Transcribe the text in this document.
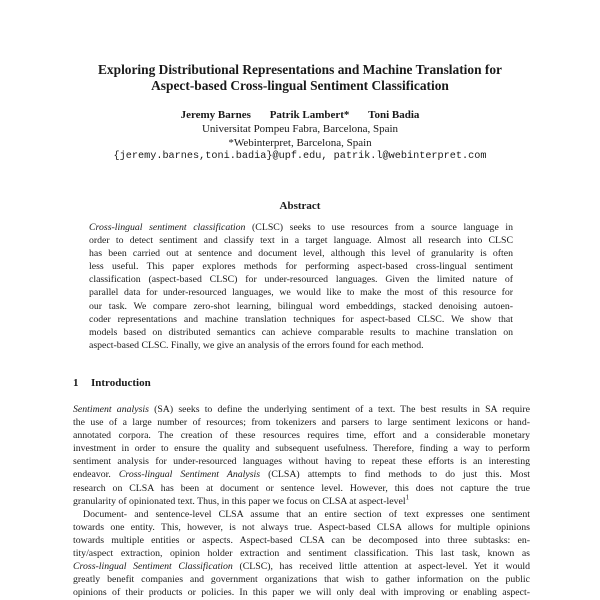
Exploring Distributional Representations and Machine Translation for
Aspect-based Cross-lingual Sentiment Classification
Jeremy Barnes Patrik Lambert* Toni Badia
Universitat Pompeu Fabra, Barcelona, Spain
*Webinterpret, Barcelona, Spain
{jeremy.barnes,toni.badia}@upf.edu, patrik.l@webinterpret.com
Abstract
Cross-lingual sentiment classification (CLSC) seeks to use resources from a source language in
order to detect sentiment and classify text in a target language. Almost all research into CLSC
has been carried out at sentence and document level, although this level of granularity is often
less useful. This paper explores methods for performing aspect-based cross-lingual sentiment
classification (aspect-based CLSC) for under-resourced languages. Given the limited nature of
parallel data for under-resourced languages, we would like to make the most of this resource for
our task. We compare zero-shot learning, bilingual word embeddings, stacked denoising autoen-
coder representations and machine translation techniques for aspect-based CLSC. We show that
models based on distributed semantics can achieve comparable results to machine translation on
aspect-based CLSC. Finally, we give an analysis of the errors found for each method.
1 Introduction
Sentiment analysis (SA) seeks to define the underlying sentiment of a text. The best results in SA require
the use of a large number of resources; from tokenizers and parsers to large sentiment lexicons or hand-
annotated corpora. The creation of these resources requires time, effort and a considerable monetary
investment in order to ensure the quality and subsequent usefulness. Therefore, finding a way to perform
sentiment analysis for under-resourced languages without having to repeat these efforts is an interesting
endeavor. Cross-lingual Sentiment Analysis (CLSA) attempts to find methods to do just this. Most
research on CLSA has been at document or sentence level. However, this does not capture the true
granularity of opinionated text. Thus, in this paper we focus on CLSA at aspect-level$^1$
Document- and sentence-level CLSA assume that an entire section of text expresses one sentiment
towards one entity. This, however, is not always true. Aspect-based CLSA allows for multiple opinions
towards multiple entities or aspects. Aspect-based CLSA can be decomposed into three subtasks: en-
tity/aspect extraction, opinion holder extraction and sentiment classification. This last task, known as
Cross-lingual Sentiment Classification (CLSC), has received little attention at aspect-level. Yet it would
greatly benefit companies and government organizations that wish to gather information on the public
opinions of their products or policies. In this paper we will only deal with improving or enabling aspect-
